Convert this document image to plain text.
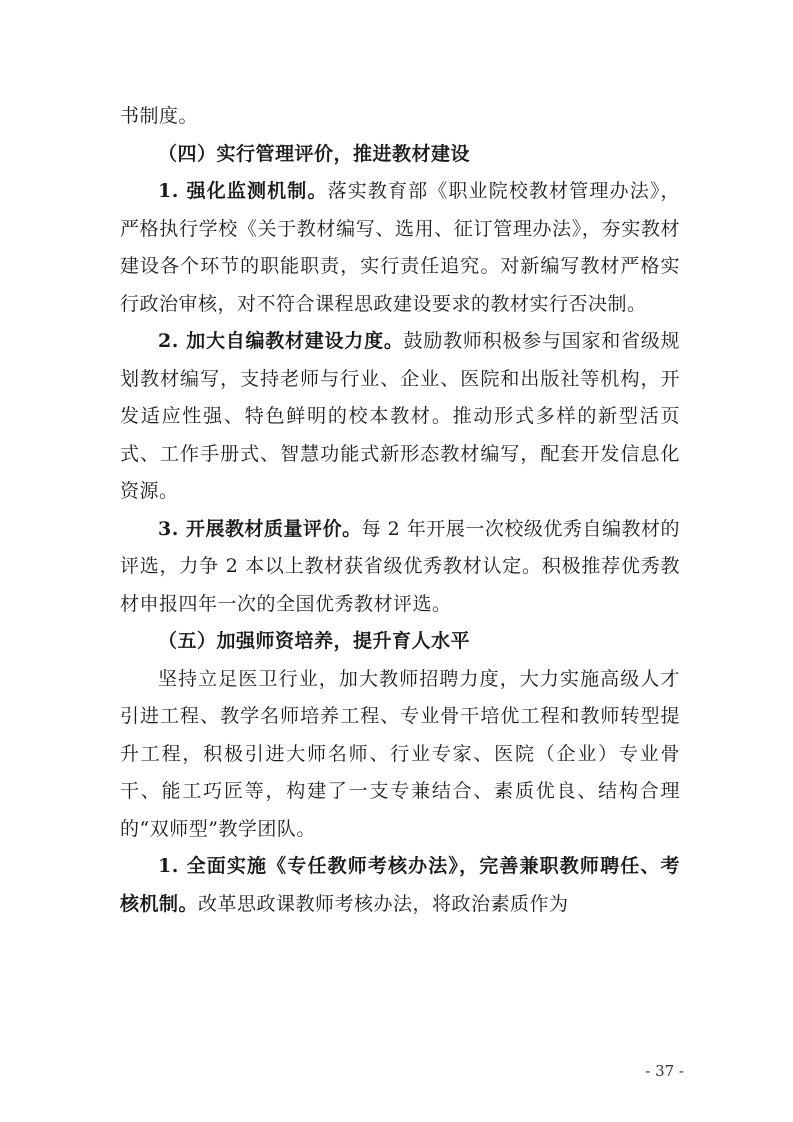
书制度。

（四）实行管理评价，推进教材建设

1. 强化监测机制。落实教育部《职业院校教材管理办法》，严格执行学校《关于教材编写、选用、征订管理办法》，夯实教材建设各个环节的职能职责，实行责任追究。对新编写教材严格实行政治审核，对不符合课程思政建设要求的教材实行否决制。

2. 加大自编教材建设力度。鼓励教师积极参与国家和省级规划教材编写，支持老师与行业、企业、医院和出版社等机构，开发适应性强、特色鲜明的校本教材。推动形式多样的新型活页式、工作手册式、智慧功能式新形态教材编写，配套开发信息化资源。

3. 开展教材质量评价。每 2 年开展一次校级优秀自编教材的评选，力争 2 本以上教材获省级优秀教材认定。积极推荐优秀教材申报四年一次的全国优秀教材评选。

（五）加强师资培养，提升育人水平

坚持立足医卫行业，加大教师招聘力度，大力实施高级人才引进工程、教学名师培养工程、专业骨干培优工程和教师转型提升工程，积极引进大师名师、行业专家、医院（企业）专业骨干、能工巧匠等，构建了一支专兼结合、素质优良、结构合理的“双师型”教学团队。

1. 全面实施《专任教师考核办法》，完善兼职教师聘任、考核机制。改革思政课教师考核办法，将政治素质作为

- 37 -
